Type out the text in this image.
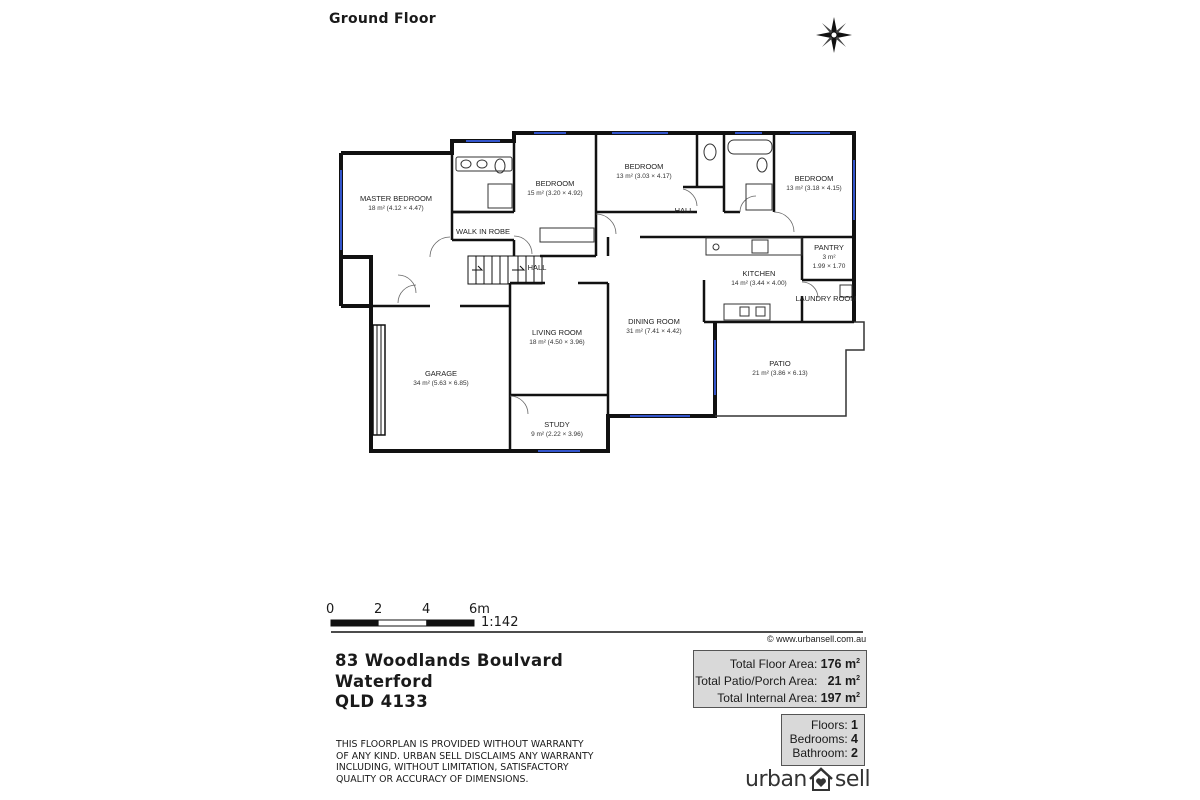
Ground Floor
MASTER BEDROOM
18 m² (4.12 × 4.47)
WALK IN ROBE
BEDROOM
15 m² (3.20 × 4.92)
BEDROOM
13 m² (3.03 × 4.17)	BEDROOM
13 m² (3.18 × 4.15)
HALL
HALL
PANTRY
3 m²
1.99 × 1.70
KITCHEN
14 m² (3.44 × 4.00)
LAUNDRY ROOM
DINING ROOM
31 m² (7.41 × 4.42)
LIVING ROOM
18 m² (4.50 × 3.96)
GARAGE
34 m² (5.63 × 6.85)
PATIO
21 m² (3.86 × 6.13)
STUDY
9 m² (2.22 × 3.96)
0	2	4	6m
1:142
© www.urbansell.com.au
83 Woodlands Boulvard
Waterford
QLD 4133
THIS FLOORPLAN IS PROVIDED WITHOUT WARRANTY OF ANY KIND. URBAN SELL DISCLAIMS ANY WARRANTY INCLUDING, WITHOUT LIMITATION, SATISFACTORY QUALITY OR ACCURACY OF DIMENSIONS.
Total Floor Area: 176 $m^2$
Total Patio/Porch Area: 21 $m^2$
Total Internal Area: 197 $m^2$
Floors: 1
Bedrooms: 4
Bathroom: 2
urban sell
